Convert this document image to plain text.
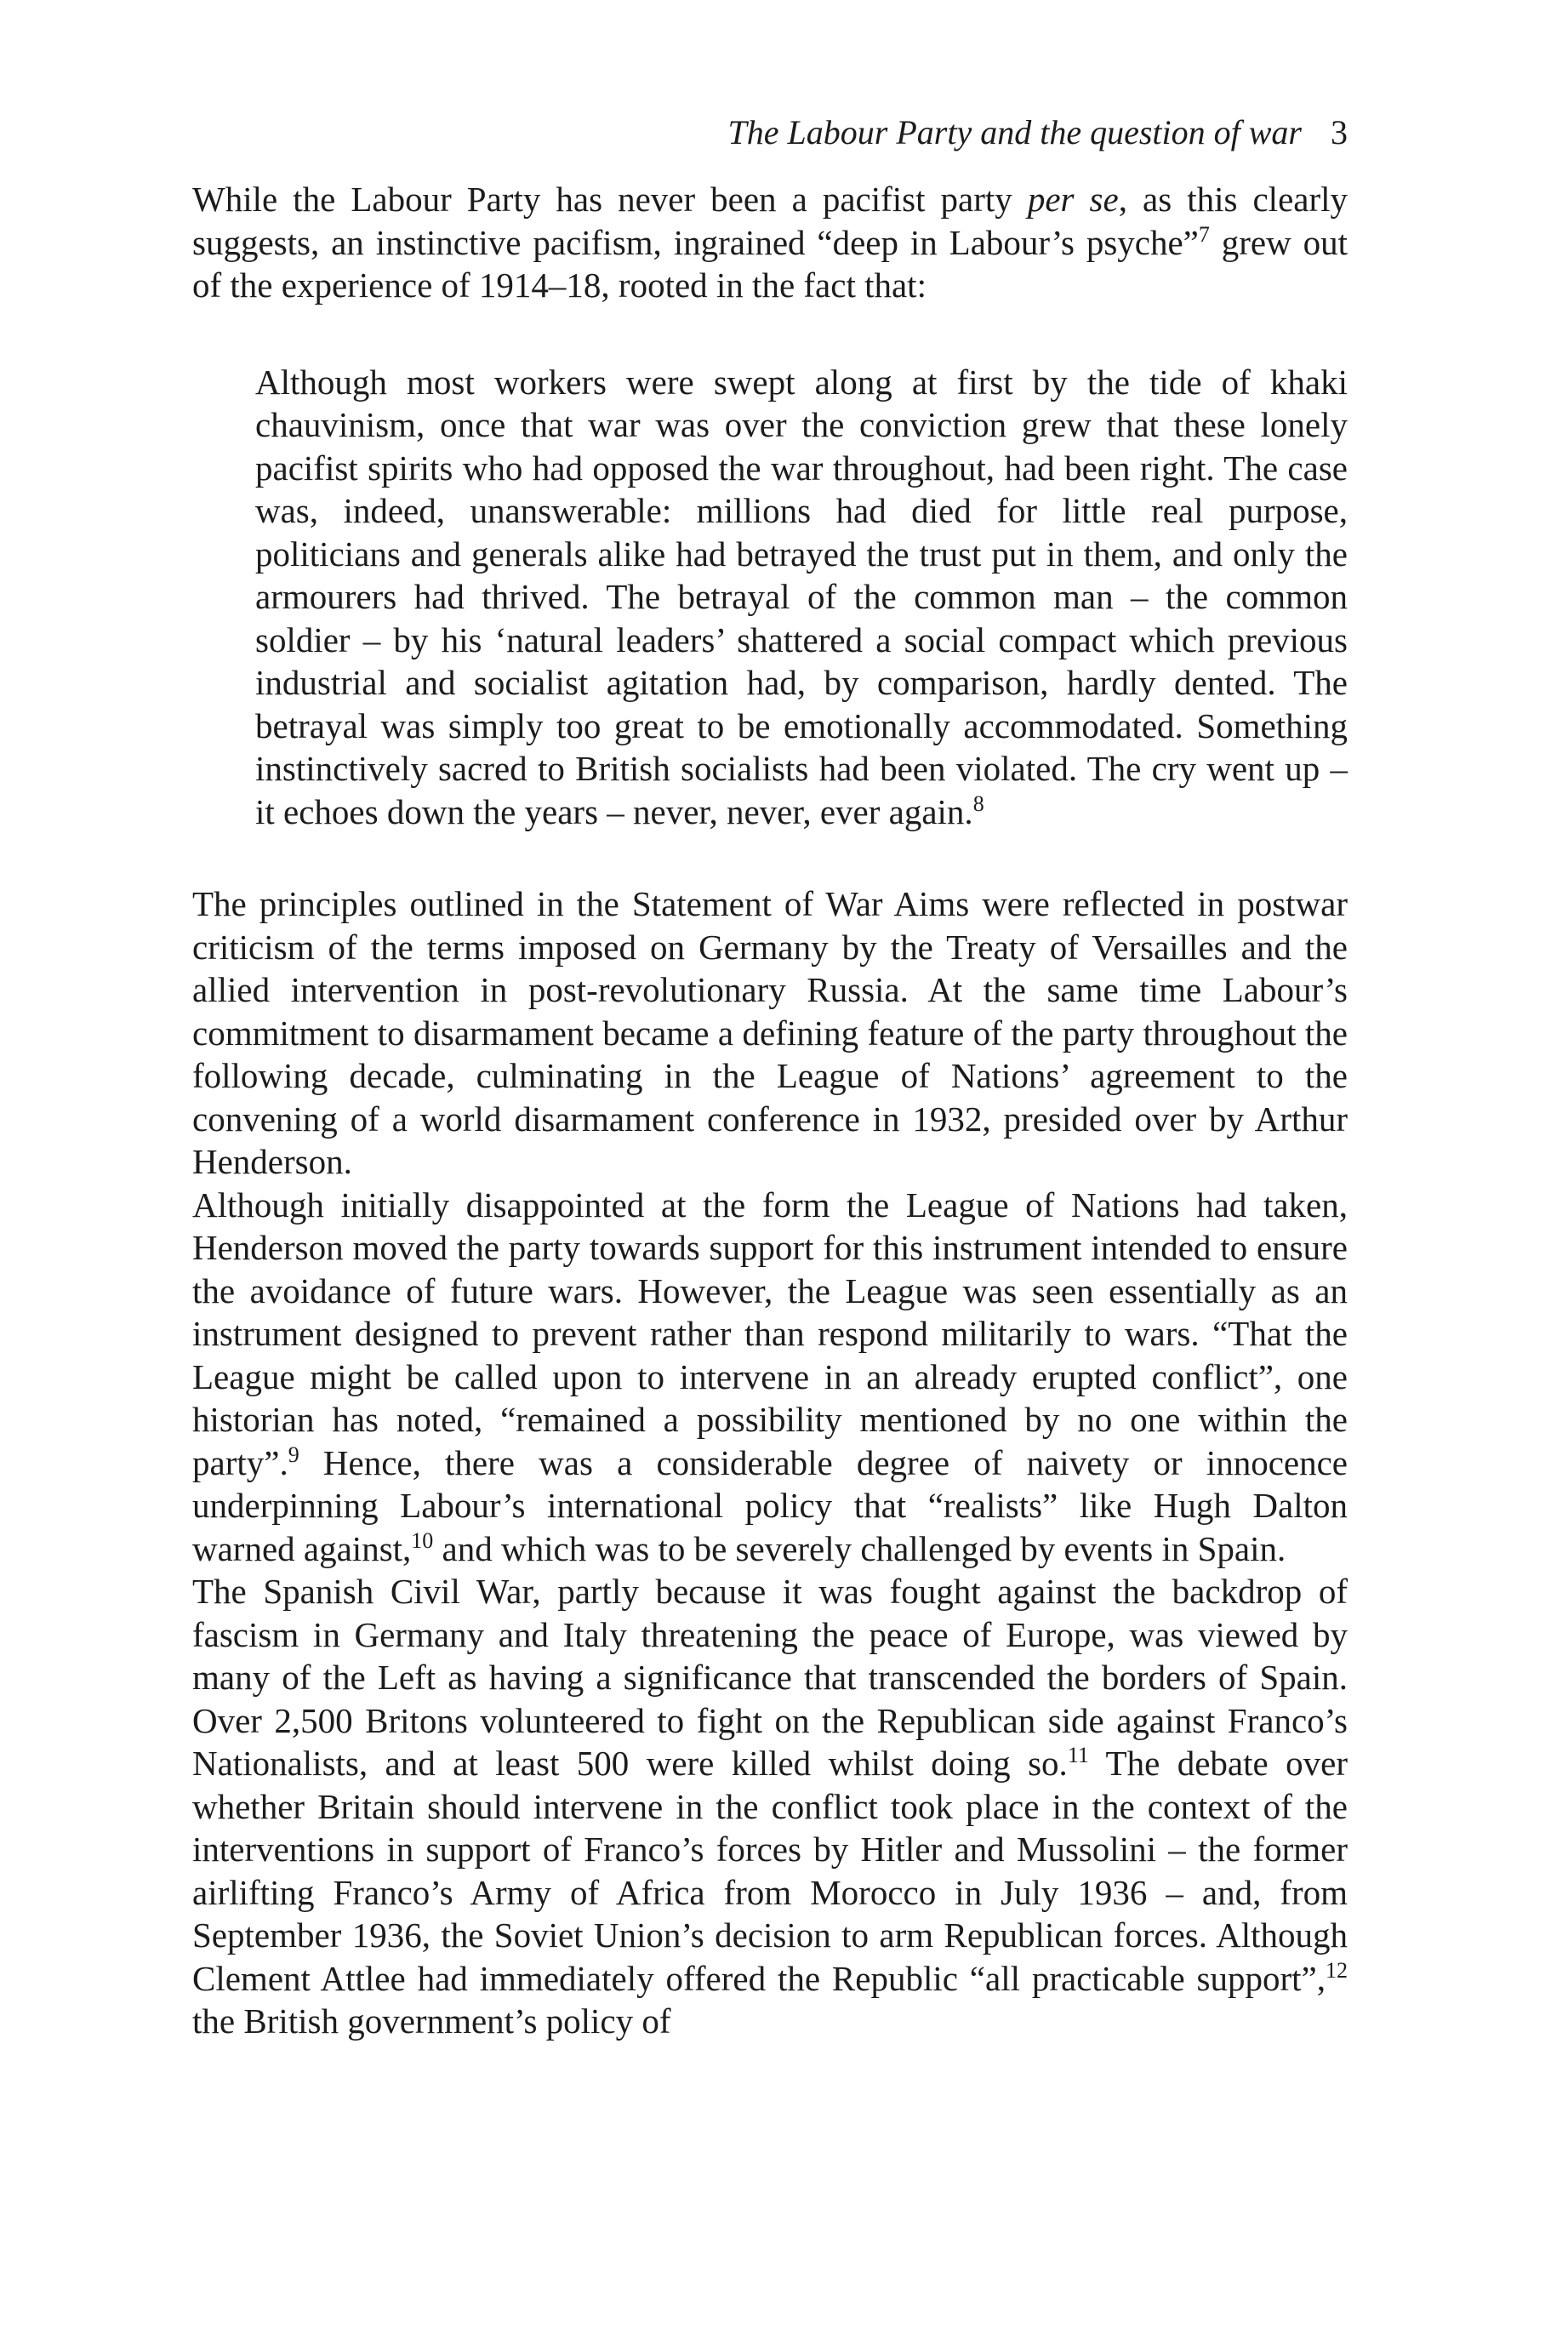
The Labour Party and the question of war 3

While the Labour Party has never been a pacifist party per se, as this clearly suggests, an instinctive pacifism, ingrained “deep in Labour’s psyche”$^7$ grew out of the experience of 1914–18, rooted in the fact that:

Although most workers were swept along at first by the tide of khaki chauvinism, once that war was over the conviction grew that these lonely pacifist spirits who had opposed the war throughout, had been right. The case was, indeed, unanswerable: millions had died for little real purpose, politicians and generals alike had betrayed the trust put in them, and only the armourers had thrived. The betrayal of the common man – the common soldier – by his ‘natural leaders’ shattered a social compact which previous industrial and socialist agitation had, by comparison, hardly dented. The betrayal was simply too great to be emotionally accommodated. Something instinctively sacred to British socialists had been violated. The cry went up – it echoes down the years – never, never, ever again.$^8$

The principles outlined in the Statement of War Aims were reflected in postwar criticism of the terms imposed on Germany by the Treaty of Versailles and the allied intervention in post-revolutionary Russia. At the same time Labour’s commitment to disarmament became a defining feature of the party throughout the following decade, culminating in the League of Nations’ agreement to the convening of a world disarmament conference in 1932, presided over by Arthur Henderson.

Although initially disappointed at the form the League of Nations had taken, Henderson moved the party towards support for this instrument intended to ensure the avoidance of future wars. However, the League was seen essentially as an instrument designed to prevent rather than respond militarily to wars. “That the League might be called upon to intervene in an already erupted conflict”, one historian has noted, “remained a possibility mentioned by no one within the party”.$^9$ Hence, there was a considerable degree of naivety or innocence underpinning Labour’s international policy that “realists” like Hugh Dalton warned against,$^{10}$ and which was to be severely challenged by events in Spain.

The Spanish Civil War, partly because it was fought against the backdrop of fascism in Germany and Italy threatening the peace of Europe, was viewed by many of the Left as having a significance that transcended the borders of Spain. Over 2,500 Britons volunteered to fight on the Republican side against Franco’s Nationalists, and at least 500 were killed whilst doing so.$^{11}$ The debate over whether Britain should intervene in the conflict took place in the context of the interventions in support of Franco’s forces by Hitler and Mussolini – the former airlifting Franco’s Army of Africa from Morocco in July 1936 – and, from September 1936, the Soviet Union’s decision to arm Republican forces. Although Clement Attlee had immediately offered the Republic “all practicable support”,$^{12}$ the British government’s policy of
